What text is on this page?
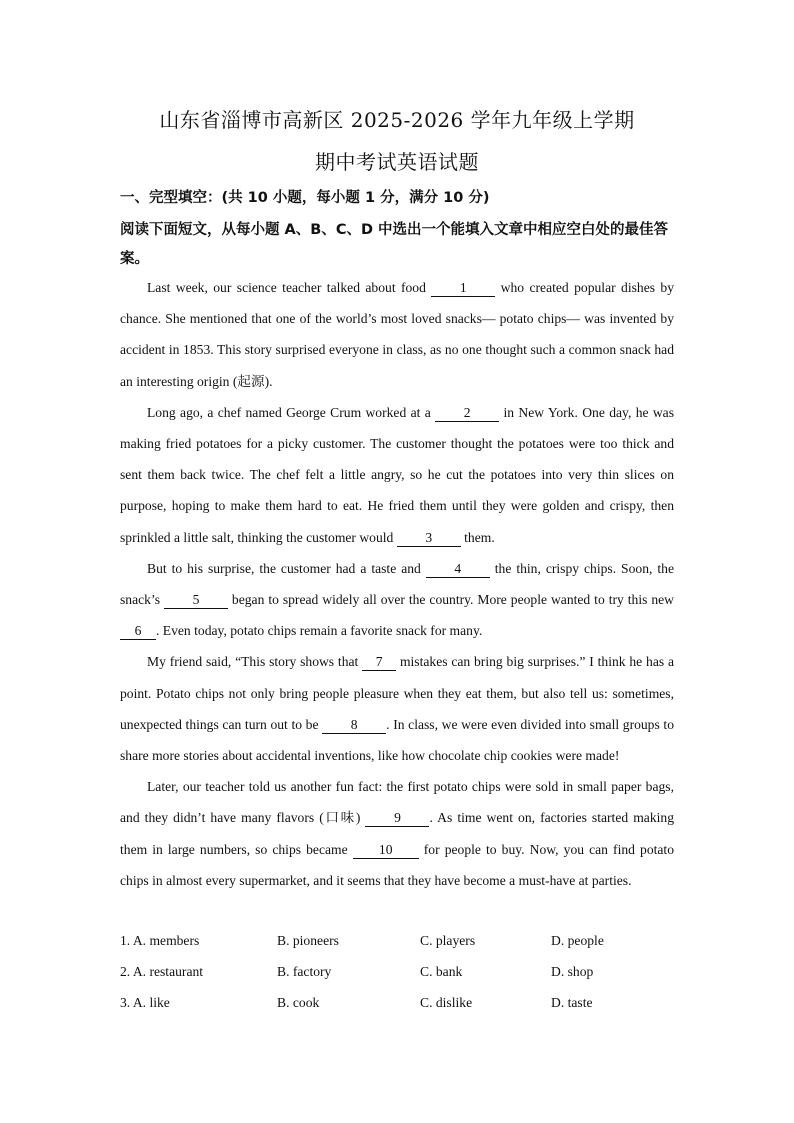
山东省淄博市高新区 2025-2026 学年九年级上学期
期中考试英语试题
一、完型填空：(共 10 小题，每小题 1 分，满分 10 分)
阅读下面短文，从每小题 A、B、C、D 中选出一个能填入文章中相应空白处的最佳答案。

Last week, our science teacher talked about food 1 who created popular dishes by chance. She mentioned that one of the world’s most loved snacks— potato chips— was invented by accident in 1853. This story surprised everyone in class, as no one thought such a common snack had an interesting origin (起源).

Long ago, a chef named George Crum worked at a 2 in New York. One day, he was making fried potatoes for a picky customer. The customer thought the potatoes were too thick and sent them back twice. The chef felt a little angry, so he cut the potatoes into very thin slices on purpose, hoping to make them hard to eat. He fried them until they were golden and crispy, then sprinkled a little salt, thinking the customer would 3 them.

But to his surprise, the customer had a taste and 4 the thin, crispy chips. Soon, the snack’s 5 began to spread widely all over the country. More people wanted to try this new 6 . Even today, potato chips remain a favorite snack for many.

My friend said, “This story shows that 7 mistakes can bring big surprises.” I think he has a point. Potato chips not only bring people pleasure when they eat them, but also tell us: sometimes, unexpected things can turn out to be 8 . In class, we were even divided into small groups to share more stories about accidental inventions, like how chocolate chip cookies were made!

Later, our teacher told us another fun fact: the first potato chips were sold in small paper bags, and they didn’t have many flavors (口味) 9 . As time went on, factories started making them in large numbers, so chips became 10 for people to buy. Now, you can find potato chips in almost every supermarket, and it seems that they have become a must-have at parties.

1. A. members	B. pioneers	C. players	D. people
2. A. restaurant	B. factory	C. bank	D. shop
3. A. like	B. cook	C. dislike	D. taste
